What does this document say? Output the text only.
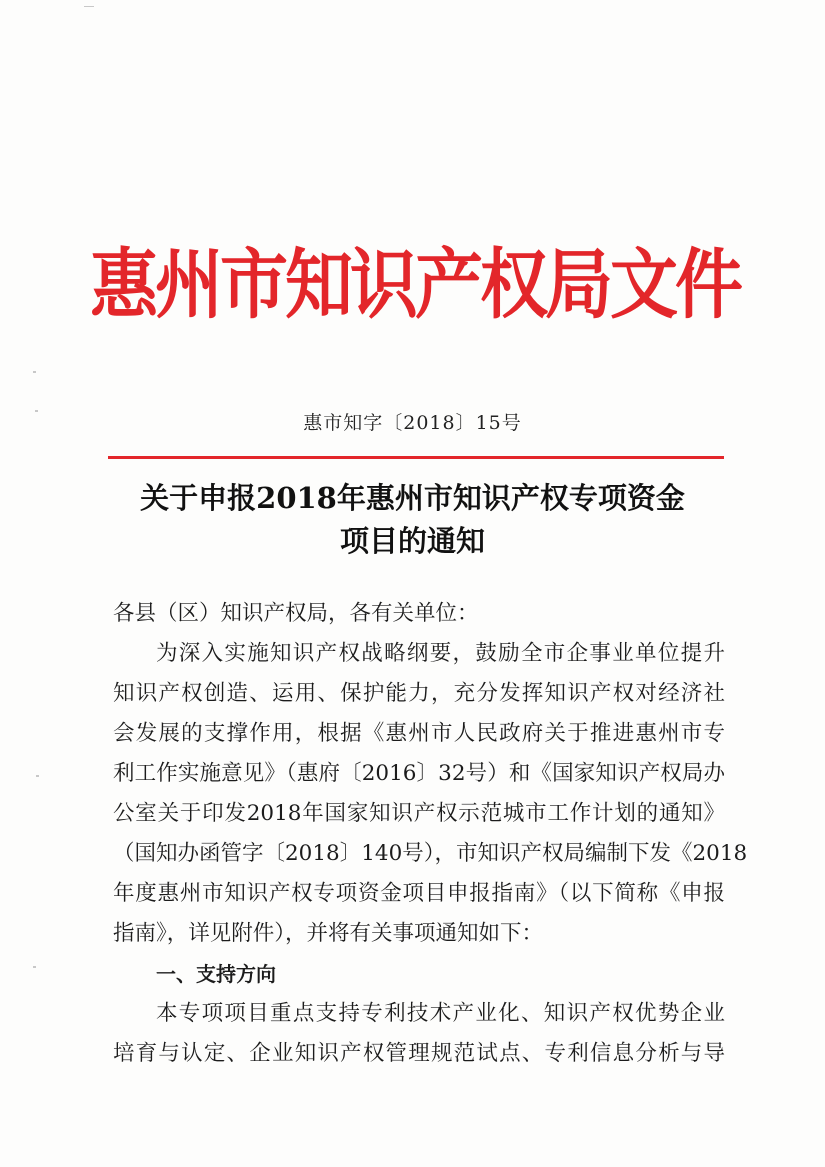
惠州市知识产权局文件
惠市知字〔2018〕15号
关于申报2018年惠州市知识产权专项资金
项目的通知
各县（区）知识产权局，各有关单位：
为深入实施知识产权战略纲要，鼓励全市企事业单位提升
知识产权创造、运用、保护能力，充分发挥知识产权对经济社
会发展的支撑作用，根据《惠州市人民政府关于推进惠州市专
利工作实施意见》（惠府〔2016〕32号）和《国家知识产权局办
公室关于印发2018年国家知识产权示范城市工作计划的通知》
（国知办函管字〔2018〕140号），市知识产权局编制下发《2018
年度惠州市知识产权专项资金项目申报指南》（以下简称《申报
指南》，详见附件），并将有关事项通知如下：
一、支持方向
本专项项目重点支持专利技术产业化、知识产权优势企业
培育与认定、企业知识产权管理规范试点、专利信息分析与导
